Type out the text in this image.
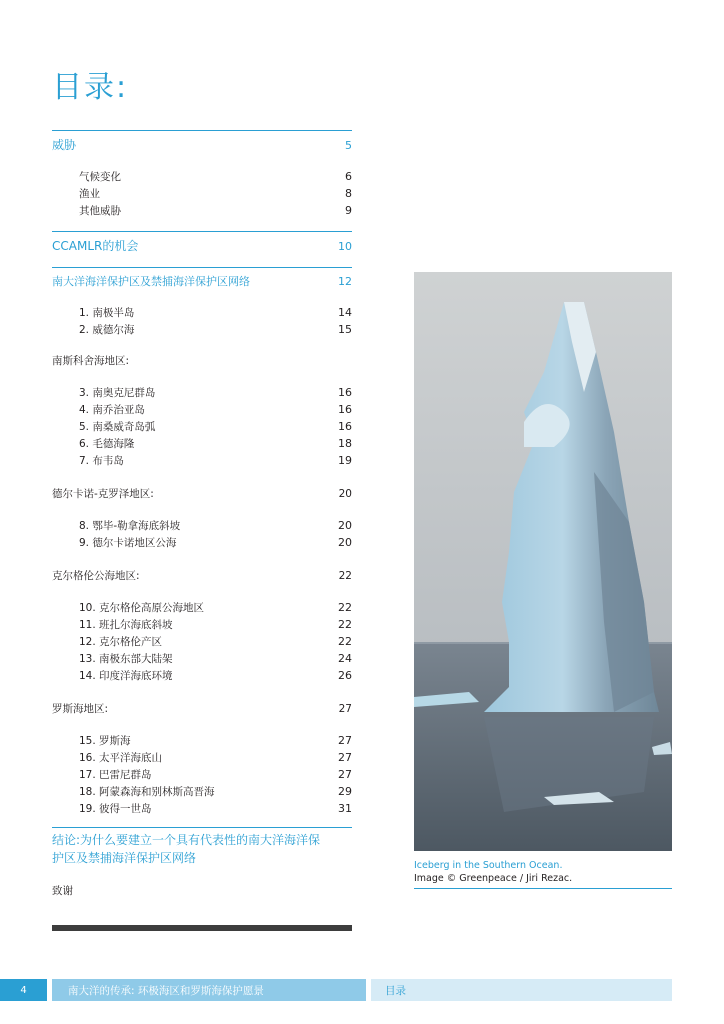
目录:
威胁	5
气候变化	6
渔业	8
其他威胁	9
CCAMLR的机会	10
南大洋海洋保护区及禁捕海洋保护区网络	12
1. 南极半岛	14
2. 威德尔海	15
南斯科舍海地区:
3. 南奥克尼群岛	16
4. 南乔治亚岛	16
5. 南桑威奇岛弧	16
6. 毛德海隆	18
7. 布韦岛	19
德尔卡诺-克罗泽地区:	20
8. 鄂毕-勒拿海底斜坡	20
9. 德尔卡诺地区公海	20
克尔格伦公海地区:	22
10. 克尔格伦高原公海地区	22
11. 班扎尔海底斜坡	22
12. 克尔格伦产区	22
13. 南极东部大陆架	24
14. 印度洋海底环境	26
罗斯海地区:	27
15. 罗斯海	27
16. 太平洋海底山	27
17. 巴雷尼群岛	27
18. 阿蒙森海和别林斯高晋海	29
19. 彼得一世岛	31
结论:为什么要建立一个具有代表性的南大洋海洋保
护区及禁捕海洋保护区网络
致谢
Iceberg in the Southern Ocean.
Image © Greenpeace / Jiri Rezac.
4	南大洋的传承: 环极海区和罗斯海保护愿景	目录
